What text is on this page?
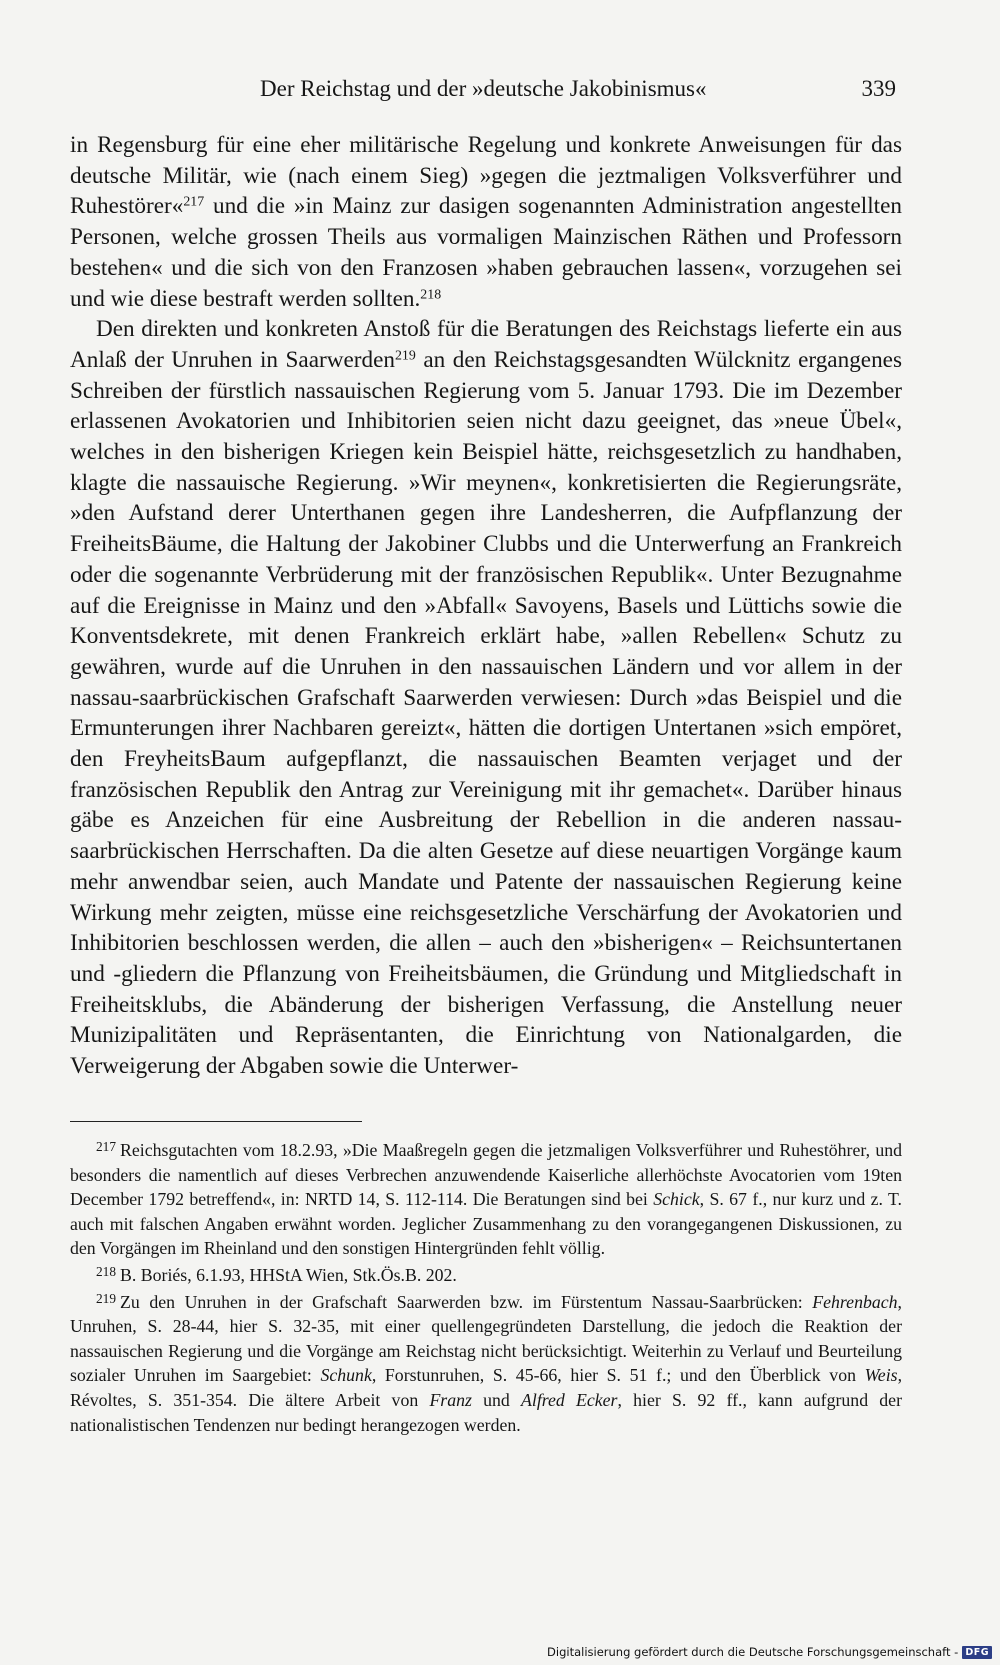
Der Reichstag und der »deutsche Jakobinismus«	339

in Regensburg für eine eher militärische Regelung und konkrete Anweisungen für das deutsche Militär, wie (nach einem Sieg) »gegen die jeztmaligen Volksverführer und Ruhestörer«$^{217}$ und die »in Mainz zur dasigen sogenannten Administration angestellten Personen, welche grossen Theils aus vormaligen Mainzischen Räthen und Professorn bestehen« und die sich von den Franzosen »haben gebrauchen lassen«, vorzugehen sei und wie diese bestraft werden sollten.$^{218}$

Den direkten und konkreten Anstoß für die Beratungen des Reichstags lieferte ein aus Anlaß der Unruhen in Saarwerden$^{219}$ an den Reichstagsgesandten Wülcknitz ergangenes Schreiben der fürstlich nassauischen Regierung vom 5. Januar 1793. Die im Dezember erlassenen Avokatorien und Inhibitorien seien nicht dazu geeignet, das »neue Übel«, welches in den bisherigen Kriegen kein Beispiel hätte, reichsgesetzlich zu handhaben, klagte die nassauische Regierung. »Wir meynen«, konkretisierten die Regierungsräte, »den Aufstand derer Unterthanen gegen ihre Landesherren, die Aufpflanzung der FreiheitsBäume, die Haltung der Jakobiner Clubbs und die Unterwerfung an Frankreich oder die sogenannte Verbrüderung mit der französischen Republik«. Unter Bezugnahme auf die Ereignisse in Mainz und den »Abfall« Savoyens, Basels und Lüttichs sowie die Konventsdekrete, mit denen Frankreich erklärt habe, »allen Rebellen« Schutz zu gewähren, wurde auf die Unruhen in den nassauischen Ländern und vor allem in der nassau-saarbrückischen Grafschaft Saarwerden verwiesen: Durch »das Beispiel und die Ermunterungen ihrer Nachbaren gereizt«, hätten die dortigen Untertanen »sich empöret, den FreyheitsBaum aufgepflanzt, die nassauischen Beamten verjaget und der französischen Republik den Antrag zur Vereinigung mit ihr gemachet«. Darüber hinaus gäbe es Anzeichen für eine Ausbreitung der Rebellion in die anderen nassau-saarbrückischen Herrschaften. Da die alten Gesetze auf diese neuartigen Vorgänge kaum mehr anwendbar seien, auch Mandate und Patente der nassauischen Regierung keine Wirkung mehr zeigten, müsse eine reichsgesetzliche Verschärfung der Avokatorien und Inhibitorien beschlossen werden, die allen – auch den »bisherigen« – Reichsuntertanen und -gliedern die Pflanzung von Freiheitsbäumen, die Gründung und Mitgliedschaft in Freiheitsklubs, die Abänderung der bisherigen Verfassung, die Anstellung neuer Munizipalitäten und Repräsentanten, die Einrichtung von Nationalgarden, die Verweigerung der Abgaben sowie die Unterwer-

$^{217}$ Reichsgutachten vom 18.2.93, »Die Maaßregeln gegen die jetzmaligen Volksverführer und Ruhestöhrer, und besonders die namentlich auf dieses Verbrechen anzuwendende Kaiserliche allerhöchste Avocatorien vom 19ten December 1792 betreffend«, in: NRTD 14, S. 112-114. Die Beratungen sind bei Schick, S. 67 f., nur kurz und z. T. auch mit falschen Angaben erwähnt worden. Jeglicher Zusammenhang zu den vorangegangenen Diskussionen, zu den Vorgängen im Rheinland und den sonstigen Hintergründen fehlt völlig.

$^{218}$ B. Boriés, 6.1.93, HHStA Wien, Stk.Ös.B. 202.

$^{219}$ Zu den Unruhen in der Grafschaft Saarwerden bzw. im Fürstentum Nassau-Saarbrücken: Fehrenbach, Unruhen, S. 28-44, hier S. 32-35, mit einer quellengegründeten Darstellung, die jedoch die Reaktion der nassauischen Regierung und die Vorgänge am Reichstag nicht berücksichtigt. Weiterhin zu Verlauf und Beurteilung sozialer Unruhen im Saargebiet: Schunk, Forstunruhen, S. 45-66, hier S. 51 f.; und den Überblick von Weis, Révoltes, S. 351-354. Die ältere Arbeit von Franz und Alfred Ecker, hier S. 92 ff., kann aufgrund der nationalistischen Tendenzen nur bedingt herangezogen werden.

Digitalisierung gefördert durch die Deutsche Forschungsgemeinschaft - DFG
